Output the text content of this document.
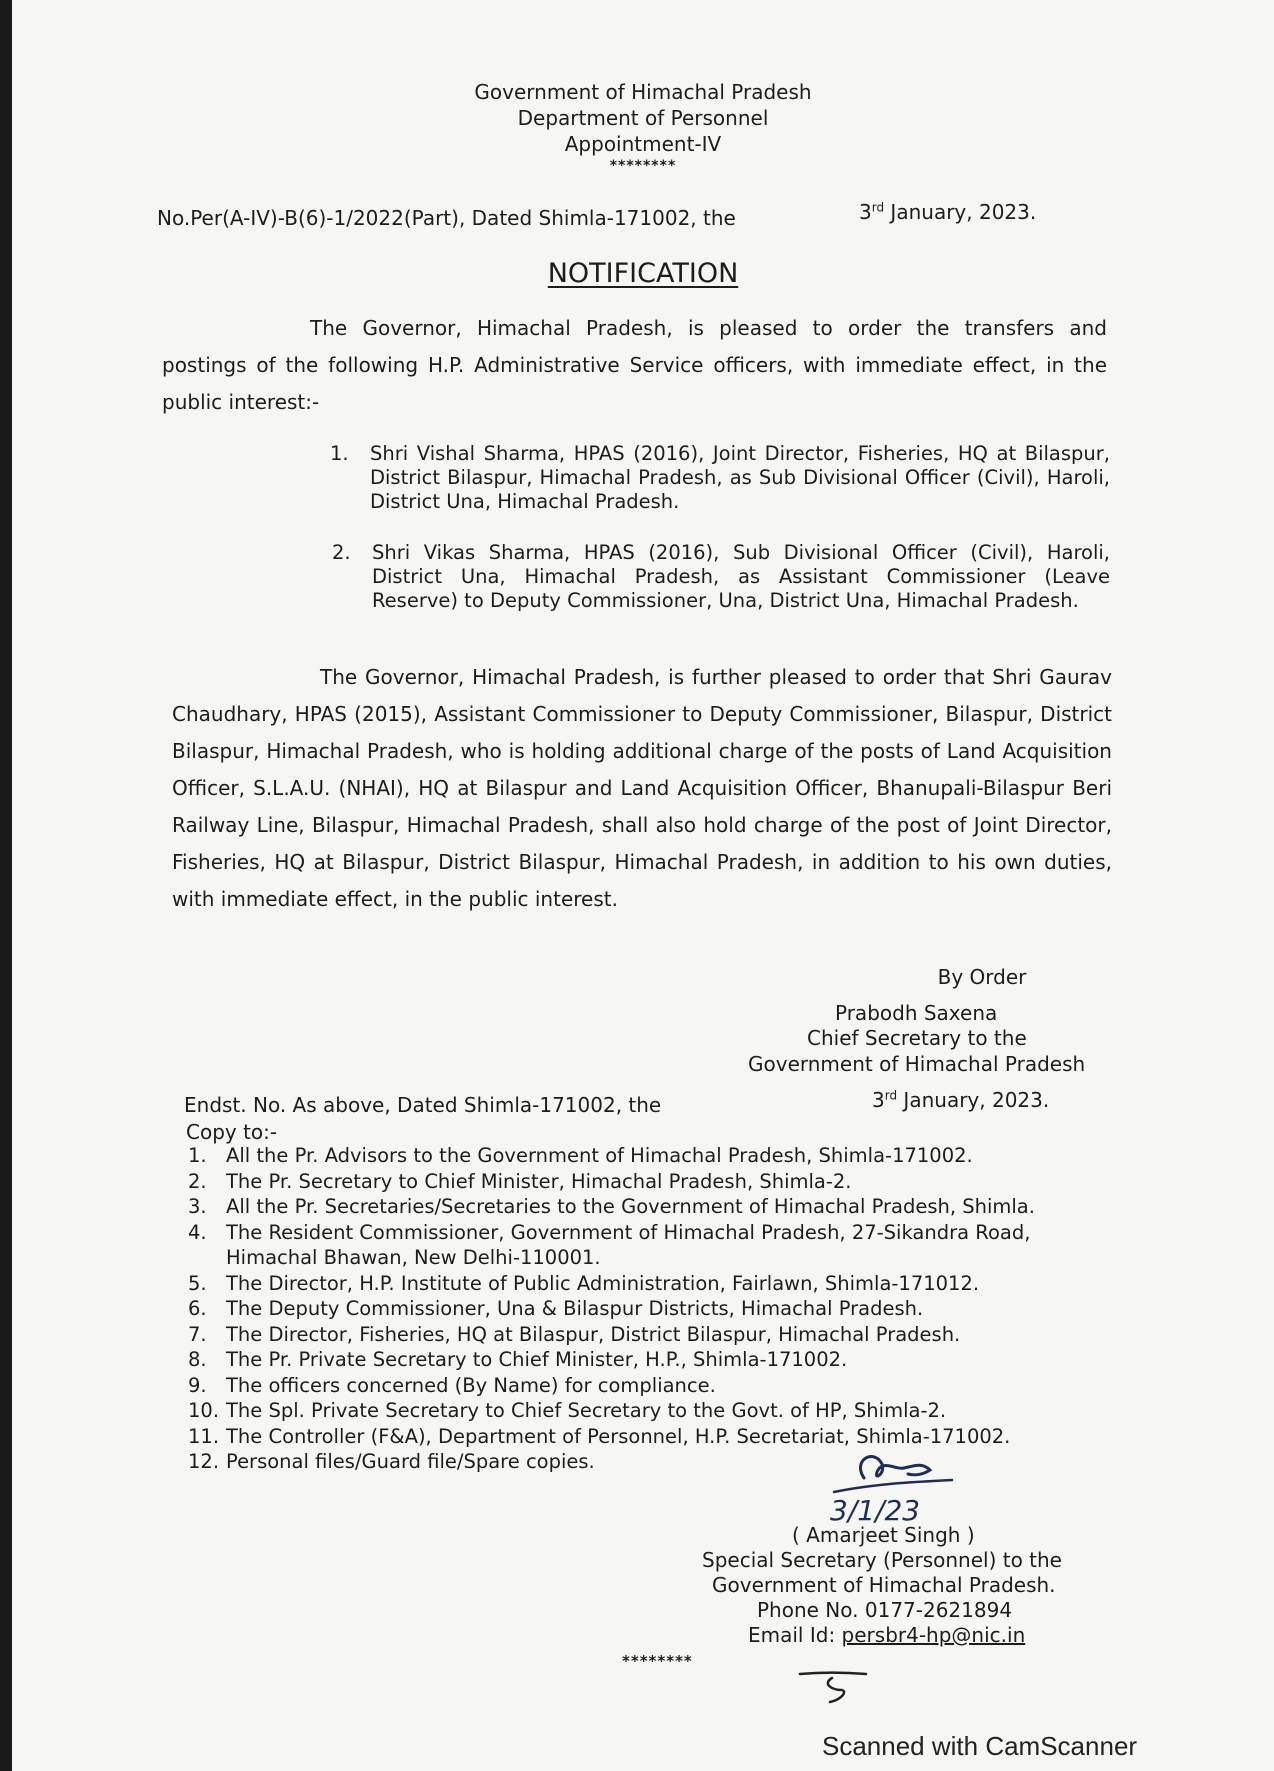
Government of Himachal Pradesh
Department of Personnel
Appointment-IV
********
No.Per(A-IV)-B(6)-1/2022(Part), Dated Shimla-171002, the	3rd January, 2023.
NOTIFICATION
The Governor, Himachal Pradesh, is pleased to order the transfers and postings of the following H.P. Administrative Service officers, with immediate effect, in the public interest:-
1. Shri Vishal Sharma, HPAS (2016), Joint Director, Fisheries, HQ at Bilaspur, District Bilaspur, Himachal Pradesh, as Sub Divisional Officer (Civil), Haroli, District Una, Himachal Pradesh.
2. Shri Vikas Sharma, HPAS (2016), Sub Divisional Officer (Civil), Haroli, District Una, Himachal Pradesh, as Assistant Commissioner (Leave Reserve) to Deputy Commissioner, Una, District Una, Himachal Pradesh.
The Governor, Himachal Pradesh, is further pleased to order that Shri Gaurav Chaudhary, HPAS (2015), Assistant Commissioner to Deputy Commissioner, Bilaspur, District Bilaspur, Himachal Pradesh, who is holding additional charge of the posts of Land Acquisition Officer, S.L.A.U. (NHAI), HQ at Bilaspur and Land Acquisition Officer, Bhanupali-Bilaspur Beri Railway Line, Bilaspur, Himachal Pradesh, shall also hold charge of the post of Joint Director, Fisheries, HQ at Bilaspur, District Bilaspur, Himachal Pradesh, in addition to his own duties, with immediate effect, in the public interest.
By Order
Prabodh Saxena
Chief Secretary to the
Government of Himachal Pradesh
Endst. No. As above, Dated Shimla-171002, the	3rd January, 2023.
Copy to:-
1. All the Pr. Advisors to the Government of Himachal Pradesh, Shimla-171002.
2. The Pr. Secretary to Chief Minister, Himachal Pradesh, Shimla-2.
3. All the Pr. Secretaries/Secretaries to the Government of Himachal Pradesh, Shimla.
4. The Resident Commissioner, Government of Himachal Pradesh, 27-Sikandra Road,
Himachal Bhawan, New Delhi-110001.
5. The Director, H.P. Institute of Public Administration, Fairlawn, Shimla-171012.
6. The Deputy Commissioner, Una & Bilaspur Districts, Himachal Pradesh.
7. The Director, Fisheries, HQ at Bilaspur, District Bilaspur, Himachal Pradesh.
8. The Pr. Private Secretary to Chief Minister, H.P., Shimla-171002.
9. The officers concerned (By Name) for compliance.
10. The Spl. Private Secretary to Chief Secretary to the Govt. of HP, Shimla-2.
11. The Controller (F&A), Department of Personnel, H.P. Secretariat, Shimla-171002.
12. Personal files/Guard file/Spare copies.
3/1/23
( Amarjeet Singh )
Special Secretary (Personnel) to the
Government of Himachal Pradesh.
Phone No. 0177-2621894
Email Id: persbr4-hp@nic.in
********
Scanned with CamScanner
